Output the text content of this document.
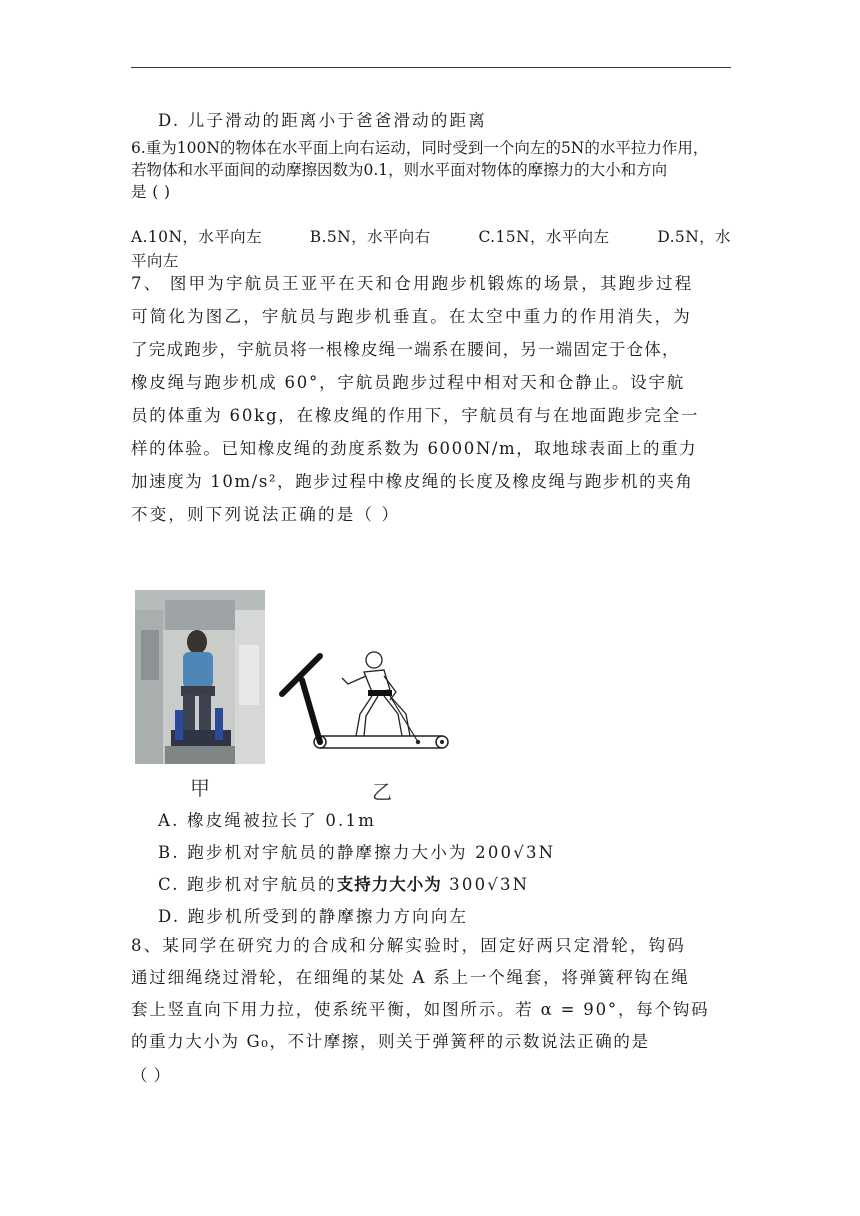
D. 儿子滑动的距离小于爸爸滑动的距离
6.重为100N的物体在水平面上向右运动，同时受到一个向左的5N的水平拉力作用，
若物体和水平面间的动摩擦因数为0.1，则水平面对物体的摩擦力的大小和方向
是 ( )
A.10N，水平向左	B.5N，水平向右	C.15N，水平向左	D.5N，水
平向左
7、 图甲为宇航员王亚平在天和仓用跑步机锻炼的场景，其跑步过程
可简化为图乙，宇航员与跑步机垂直。在太空中重力的作用消失，为
了完成跑步，宇航员将一根橡皮绳一端系在腰间，另一端固定于仓体，
橡皮绳与跑步机成 60°，宇航员跑步过程中相对天和仓静止。设宇航
员的体重为 60kg，在橡皮绳的作用下，宇航员有与在地面跑步完全一
样的体验。已知橡皮绳的劲度系数为 6000N/m，取地球表面上的重力
加速度为 10m/s²，跑步过程中橡皮绳的长度及橡皮绳与跑步机的夹角
不变，则下列说法正确的是（ ）
甲	乙
A. 橡皮绳被拉长了 0.1m
B. 跑步机对宇航员的静摩擦力大小为 200√3N
C. 跑步机对宇航员的支持力大小为 300√3N
D. 跑步机所受到的静摩擦力方向向左
8、某同学在研究力的合成和分解实验时，固定好两只定滑轮，钩码
通过细绳绕过滑轮，在细绳的某处 A 系上一个绳套，将弹簧秤钩在绳
套上竖直向下用力拉，使系统平衡，如图所示。若 α = 90°，每个钩码
的重力大小为 G₀，不计摩擦，则关于弹簧秤的示数说法正确的是
（ ）
